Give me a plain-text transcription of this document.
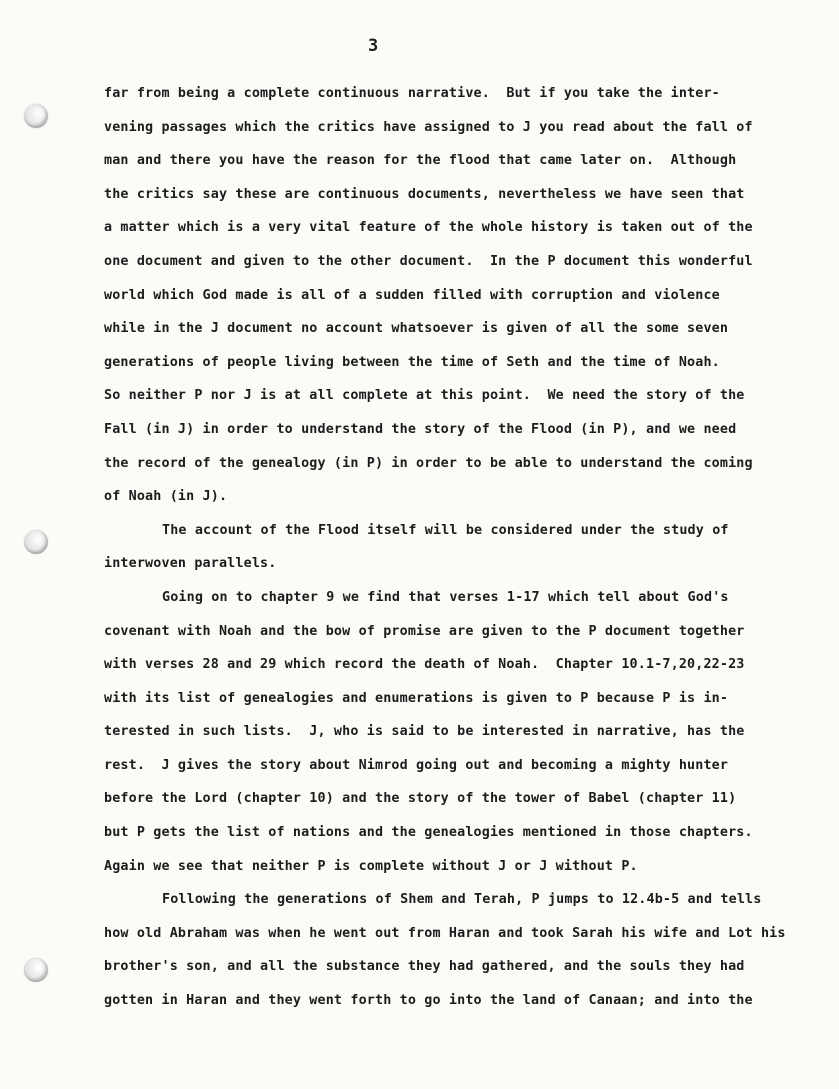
3
far from being a complete continuous narrative.  But if you take the inter-
vening passages which the critics have assigned to J you read about the fall of
man and there you have the reason for the flood that came later on.  Although
the critics say these are continuous documents, nevertheless we have seen that
a matter which is a very vital feature of the whole history is taken out of the
one document and given to the other document.  In the P document this wonderful
world which God made is all of a sudden filled with corruption and violence
while in the J document no account whatsoever is given of all the some seven
generations of people living between the time of Seth and the time of Noah.
So neither P nor J is at all complete at this point.  We need the story of the
Fall (in J) in order to understand the story of the Flood (in P), and we need
the record of the genealogy (in P) in order to be able to understand the coming
of Noah (in J).
The account of the Flood itself will be considered under the study of
interwoven parallels.
Going on to chapter 9 we find that verses 1-17 which tell about God's
covenant with Noah and the bow of promise are given to the P document together
with verses 28 and 29 which record the death of Noah.  Chapter 10.1-7,20,22-23
with its list of genealogies and enumerations is given to P because P is in-
terested in such lists.  J, who is said to be interested in narrative, has the
rest.  J gives the story about Nimrod going out and becoming a mighty hunter
before the Lord (chapter 10) and the story of the tower of Babel (chapter 11)
but P gets the list of nations and the genealogies mentioned in those chapters.
Again we see that neither P is complete without J or J without P.
Following the generations of Shem and Terah, P jumps to 12.4b-5 and tells
how old Abraham was when he went out from Haran and took Sarah his wife and Lot his
brother's son, and all the substance they had gathered, and the souls they had
gotten in Haran and they went forth to go into the land of Canaan; and into the
